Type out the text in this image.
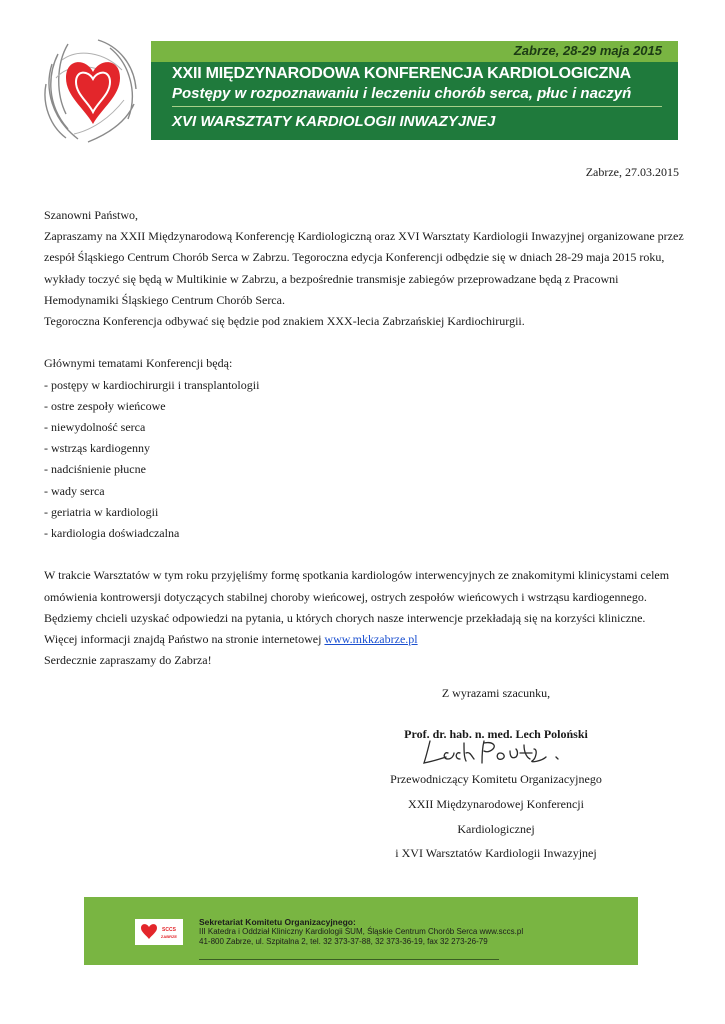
Zabrze, 28-29 maja 2015
XXII MIĘDZYNARODOWA KONFERENCJA KARDIOLOGICZNA
Postępy w rozpoznawaniu i leczeniu chorób serca, płuc i naczyń
XVI WARSZTATY KARDIOLOGII INWAZYJNEJ
Zabrze, 27.03.2015

Szanowni Państwo,

Zapraszamy na XXII Międzynarodową Konferencję Kardiologiczną oraz XVI Warsztaty Kardiologii Inwazyjnej organizowane przez zespół Śląskiego Centrum Chorób Serca w Zabrzu. Tegoroczna edycja Konferencji odbędzie się w dniach 28-29 maja 2015 roku, wykłady toczyć się będą w Multikinie w Zabrzu, a bezpośrednie transmisje zabiegów przeprowadzane będą z Pracowni Hemodynamiki Śląskiego Centrum Chorób Serca.

Tegoroczna Konferencja odbywać się będzie pod znakiem XXX-lecia Zabrzańskiej Kardiochirurgii.

Głównymi tematami Konferencji będą:

- postępy w kardiochirurgii i transplantologii

- ostre zespoły wieńcowe

- niewydolność serca

- wstrząs kardiogenny

- nadciśnienie płucne

- wady serca

- geriatria w kardiologii

- kardiologia doświadczalna

W trakcie Warsztatów w tym roku przyjęliśmy formę spotkania kardiologów interwencyjnych ze znakomitymi klinicystami celem omówienia kontrowersji dotyczących stabilnej choroby wieńcowej, ostrych zespołów wieńcowych i wstrząsu kardiogennego. Będziemy chcieli uzyskać odpowiedzi na pytania, u których chorych nasze interwencje przekładają się na korzyści kliniczne.

Więcej informacji znajdą Państwo na stronie internetowej www.mkkzabrze.pl

Serdecznie zapraszamy do Zabrza!

Z wyrazami szacunku,
Prof. dr. hab. n. med. Lech Poloński
Przewodniczący Komitetu Organizacyjnego
XXII Międzynarodowej Konferencji
Kardiologicznej
i XVI Warsztatów Kardiologii Inwazyjnej
SCCS
ZABRZE
Sekretariat Komitetu Organizacyjnego:
III Katedra i Oddział Kliniczny Kardiologii ŚUM, Śląskie Centrum Chorób Serca www.sccs.pl
41-800 Zabrze, ul. Szpitalna 2, tel. 32 373-37-88, 32 373-36-19, fax 32 273-26-79
